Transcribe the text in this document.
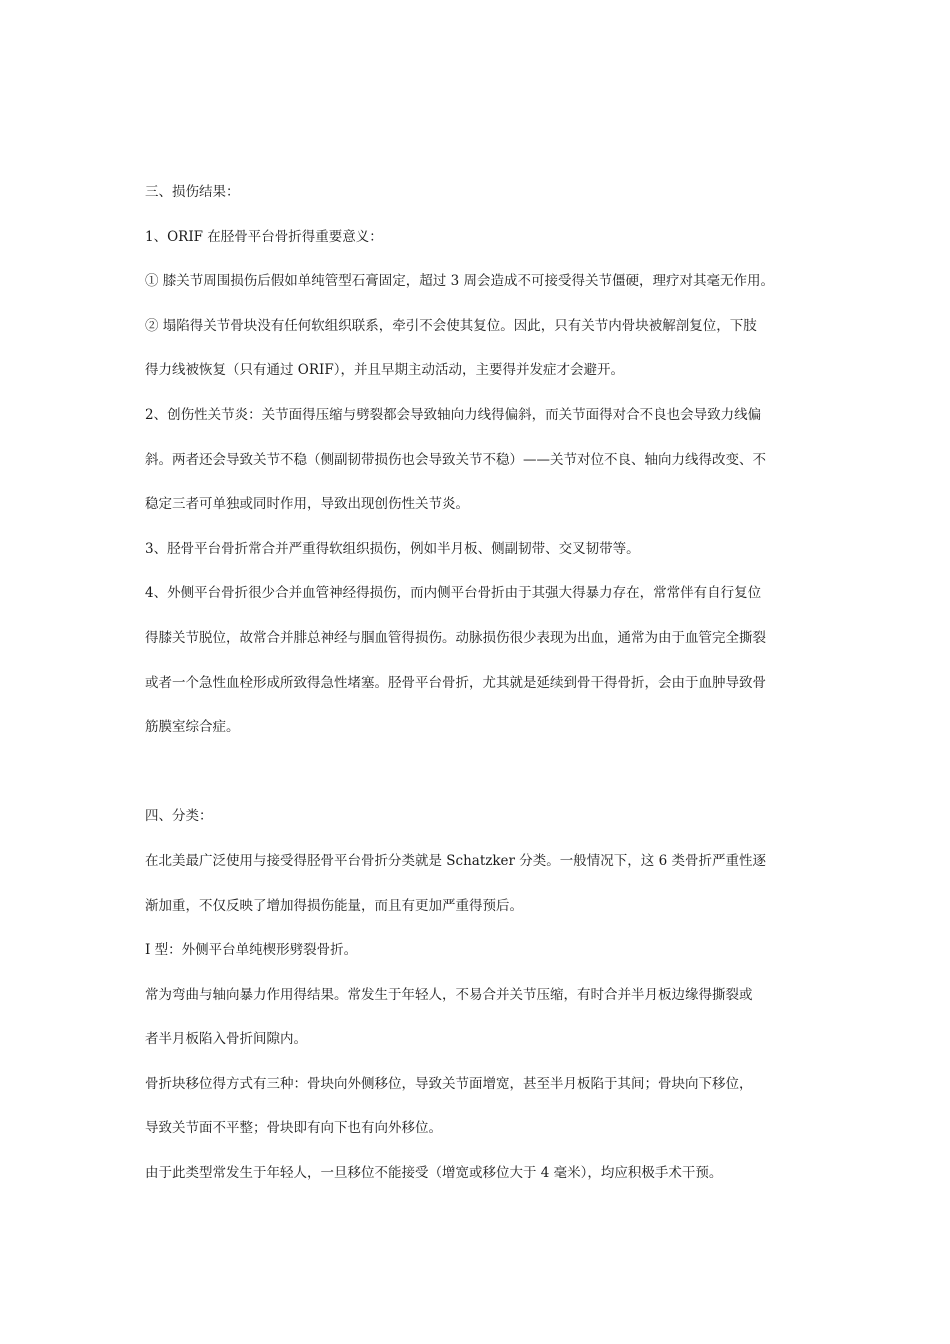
三、损伤结果：
1、ORIF 在胫骨平台骨折得重要意义：
① 膝关节周围损伤后假如单纯管型石膏固定，超过 3 周会造成不可接受得关节僵硬，理疗对其毫无作用。
② 塌陷得关节骨块没有任何软组织联系，牵引不会使其复位。因此，只有关节内骨块被解剖复位，下肢
得力线被恢复（只有通过 ORIF），并且早期主动活动，主要得并发症才会避开。
2、创伤性关节炎：关节面得压缩与劈裂都会导致轴向力线得偏斜，而关节面得对合不良也会导致力线偏
斜。两者还会导致关节不稳（侧副韧带损伤也会导致关节不稳）——关节对位不良、轴向力线得改变、不
稳定三者可单独或同时作用，导致出现创伤性关节炎。
3、胫骨平台骨折常合并严重得软组织损伤，例如半月板、侧副韧带、交叉韧带等。
4、外侧平台骨折很少合并血管神经得损伤，而内侧平台骨折由于其强大得暴力存在，常常伴有自行复位
得膝关节脱位，故常合并腓总神经与腘血管得损伤。动脉损伤很少表现为出血，通常为由于血管完全撕裂
或者一个急性血栓形成所致得急性堵塞。胫骨平台骨折，尤其就是延续到骨干得骨折，会由于血肿导致骨
筋膜室综合症。
四、分类：
在北美最广泛使用与接受得胫骨平台骨折分类就是 Schatzker 分类。一般情况下，这 6 类骨折严重性逐
渐加重，不仅反映了增加得损伤能量，而且有更加严重得预后。
Ⅰ 型：外侧平台单纯楔形劈裂骨折。
常为弯曲与轴向暴力作用得结果。常发生于年轻人，不易合并关节压缩，有时合并半月板边缘得撕裂或
者半月板陷入骨折间隙内。
骨折块移位得方式有三种：骨块向外侧移位，导致关节面增宽，甚至半月板陷于其间；骨块向下移位，
导致关节面不平整；骨块即有向下也有向外移位。
由于此类型常发生于年轻人，一旦移位不能接受（增宽或移位大于 4 毫米），均应积极手术干预。
